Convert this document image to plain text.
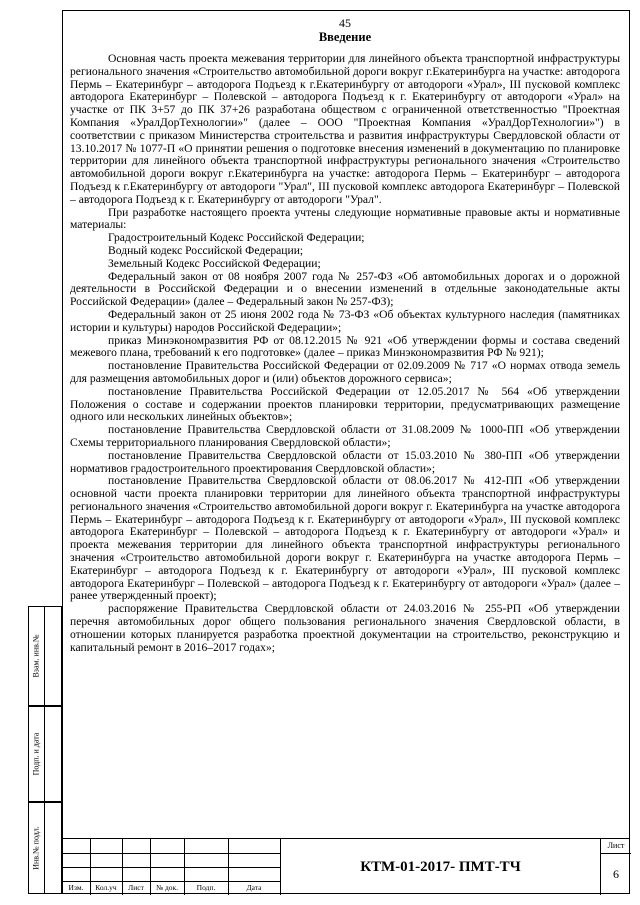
Взам. инв.№
Подп. и дата
Инв.№ подл.
45
Введение

Основная часть проекта межевания территории для линейного объекта транспортной инфраструктуры регионального значения «Строительство автомобильной дороги вокруг г.Екатеринбурга на участке: автодорога Пермь – Екатеринбург – автодорога Подъезд к г.Екатеринбургу от автодороги «Урал», III пусковой комплекс автодорога Екатеринбург – Полевской – автодорога Подъезд к г. Екатеринбургу от автодороги «Урал» на участке от ПК 3+57 до ПК 37+26 разработана обществом с ограниченной ответственностью "Проектная Компания «УралДорТехнологии»" (далее – ООО "Проектная Компания «УралДорТехнологии»") в соответствии с приказом Министерства строительства и развития инфраструктуры Свердловской области от 13.10.2017 № 1077-П «О принятии решения о подготовке внесения изменений в документацию по планировке территории для линейного объекта транспортной инфраструктуры регионального значения «Строительство автомобильной дороги вокруг г.Екатеринбурга на участке: автодорога Пермь – Екатеринбург – автодорога Подъезд к г.Екатеринбургу от автодороги "Урал", III пусковой комплекс автодорога Екатеринбург – Полевской – автодорога Подъезд к г. Екатеринбургу от автодороги "Урал".

При разработке настоящего проекта учтены следующие нормативные правовые акты и нормативные материалы:

Градостроительный Кодекс Российской Федерации;

Водный кодекс Российской Федерации;

Земельный Кодекс Российской Федерации;

Федеральный закон от 08 ноября 2007 года № 257-ФЗ «Об автомобильных дорогах и о дорожной деятельности в Российской Федерации и о внесении изменений в отдельные законодательные акты Российской Федерации» (далее – Федеральный закон № 257-ФЗ);

Федеральный закон от 25 июня 2002 года № 73-ФЗ «Об объектах культурного наследия (памятниках истории и культуры) народов Российской Федерации»;

приказ Минэкономразвития РФ от 08.12.2015 № 921 «Об утверждении формы и состава сведений межевого плана, требований к его подготовке» (далее – приказ Минэкономразвития РФ № 921);

постановление Правительства Российской Федерации от 02.09.2009 № 717 «О нормах отвода земель для размещения автомобильных дорог и (или) объектов дорожного сервиса»;

постановление Правительства Российской Федерации от 12.05.2017 № 564 «Об утверждении Положения о составе и содержании проектов планировки территории, предусматривающих размещение одного или нескольких линейных объектов»;

постановление Правительства Свердловской области от 31.08.2009 № 1000-ПП «Об утверждении Схемы территориального планирования Свердловской области»;

постановление Правительства Свердловской области от 15.03.2010 № 380-ПП «Об утверждении нормативов градостроительного проектирования Свердловской области»;

постановление Правительства Свердловской области от 08.06.2017 № 412-ПП «Об утверждении основной части проекта планировки территории для линейного объекта транспортной инфраструктуры регионального значения «Строительство автомобильной дороги вокруг г. Екатеринбурга на участке автодорога Пермь – Екатеринбург – автодорога Подъезд к г. Екатеринбургу от автодороги «Урал», III пусковой комплекс автодорога Екатеринбург – Полевской – автодорога Подъезд к г. Екатеринбургу от автодороги «Урал» и проекта межевания территории для линейного объекта транспортной инфраструктуры регионального значения «Строительство автомобильной дороги вокруг г. Екатеринбурга на участке автодорога Пермь – Екатеринбург – автодорога Подъезд к г. Екатеринбургу от автодороги «Урал», III пусковой комплекс автодорога Екатеринбург – Полевской – автодорога Подъезд к г. Екатеринбургу от автодороги «Урал» (далее – ранее утвержденный проект);

распоряжение Правительства Свердловской области от 24.03.2016 № 255-РП «Об утверждении перечня автомобильных дорог общего пользования регионального значения Свердловской области, в отношении которых планируется разработка проектной документации на строительство, реконструкцию и капитальный ремонт в 2016–2017 годах»;

Изм.	Кол.уч	Лист	№ док.	Подп.	Дата
КТМ-01-2017- ПМТ-ТЧ
Лист
6
